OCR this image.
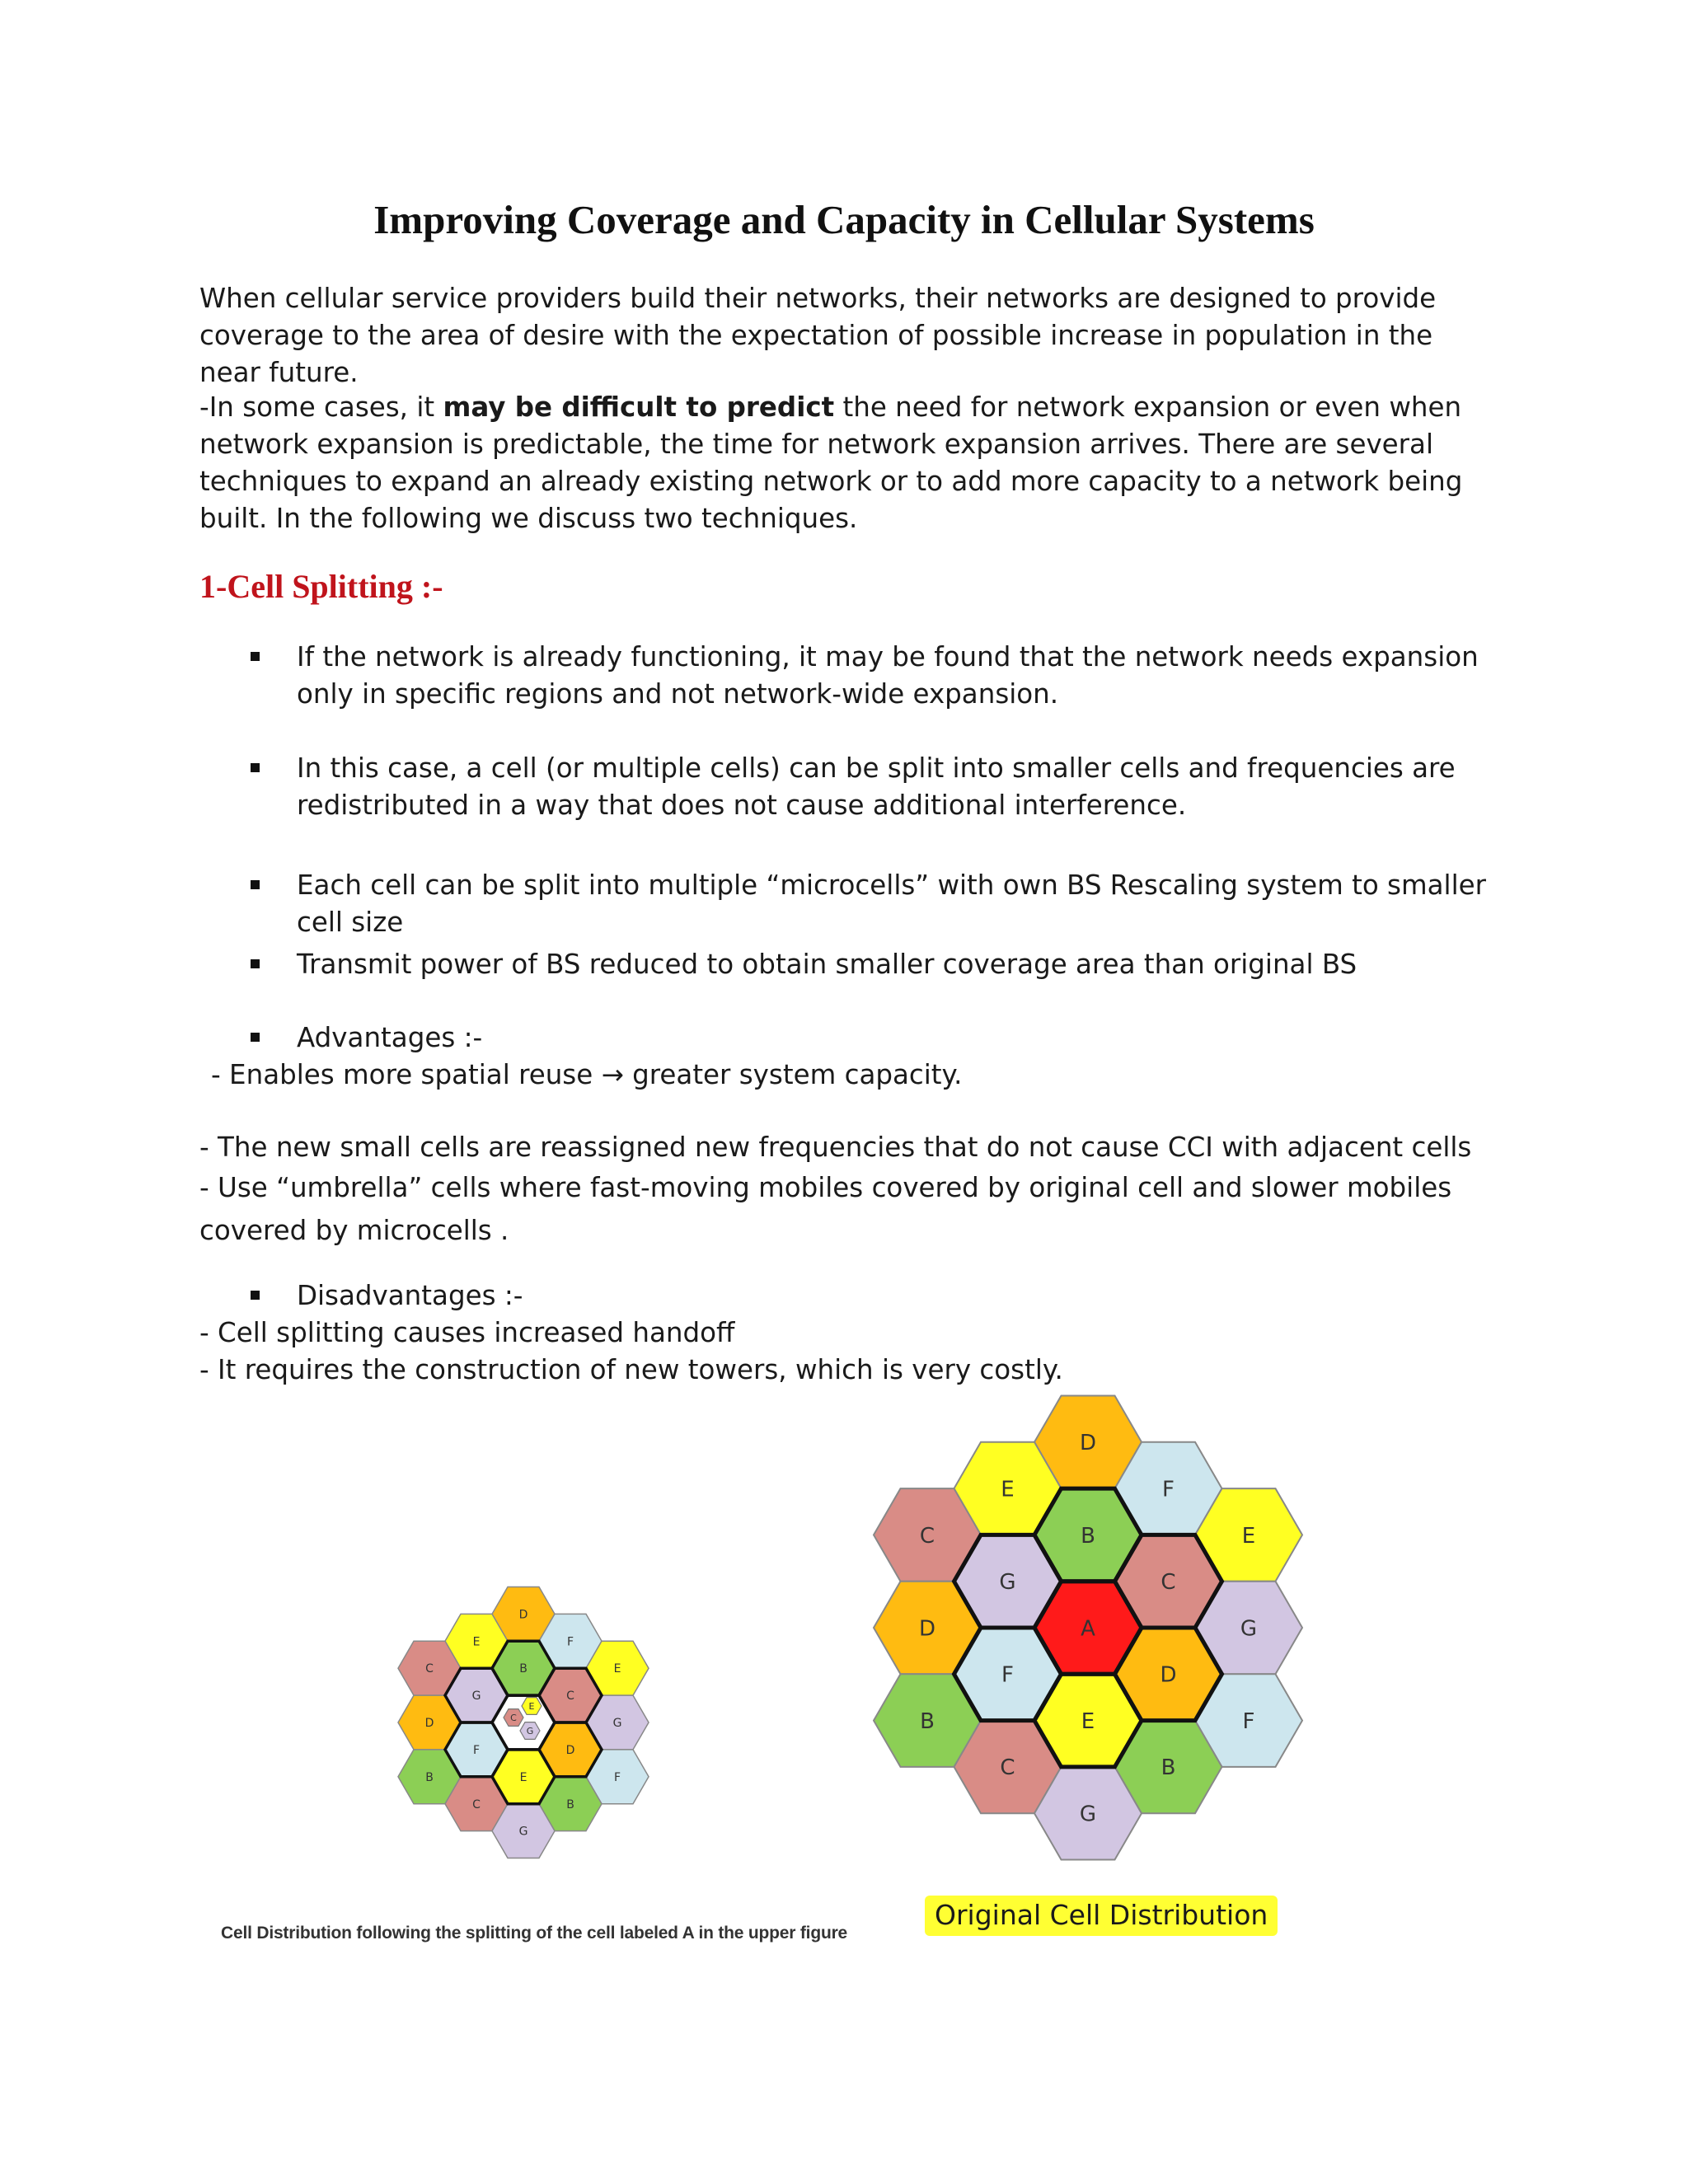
Improving Coverage and Capacity in Cellular Systems

When cellular service providers build their networks, their networks are designed to provide coverage to the area of desire with the expectation of possible increase in population in the near future.

-In some cases, it may be difficult to predict the need for network expansion or even when network expansion is predictable, the time for network expansion arrives. There are several techniques to expand an already existing network or to add more capacity to a network being built. In the following we discuss two techniques.

1-Cell Splitting :-
If the network is already functioning, it may be found that the network needs expansion only in specific regions and not network-wide expansion.
In this case, a cell (or multiple cells) can be split into smaller cells and frequencies are redistributed in a way that does not cause additional interference.
Each cell can be split into multiple “microcells” with own BS Rescaling system to smaller cell size
Transmit power of BS reduced to obtain smaller coverage area than original BS
Advantages :-

- Enables more spatial reuse → greater system capacity.

- The new small cells are reassigned new frequencies that do not cause CCI with adjacent cells

- Use “umbrella” cells where fast-moving mobiles covered by original cell and slower mobiles covered by microcells .

Disadvantages :-

- Cell splitting causes increased handoff

- It requires the construction of new towers, which is very costly.

D
E	F
C	B	E
G	C
D	G
F	D
B	E	F
C	B
G
E
C
G
D
E	F
C	B	E
G	C
D	A	G
F	D
B	E	F
C	B
G

Cell Distribution following the splitting of the cell labeled A in the upper figure

Original Cell Distribution
